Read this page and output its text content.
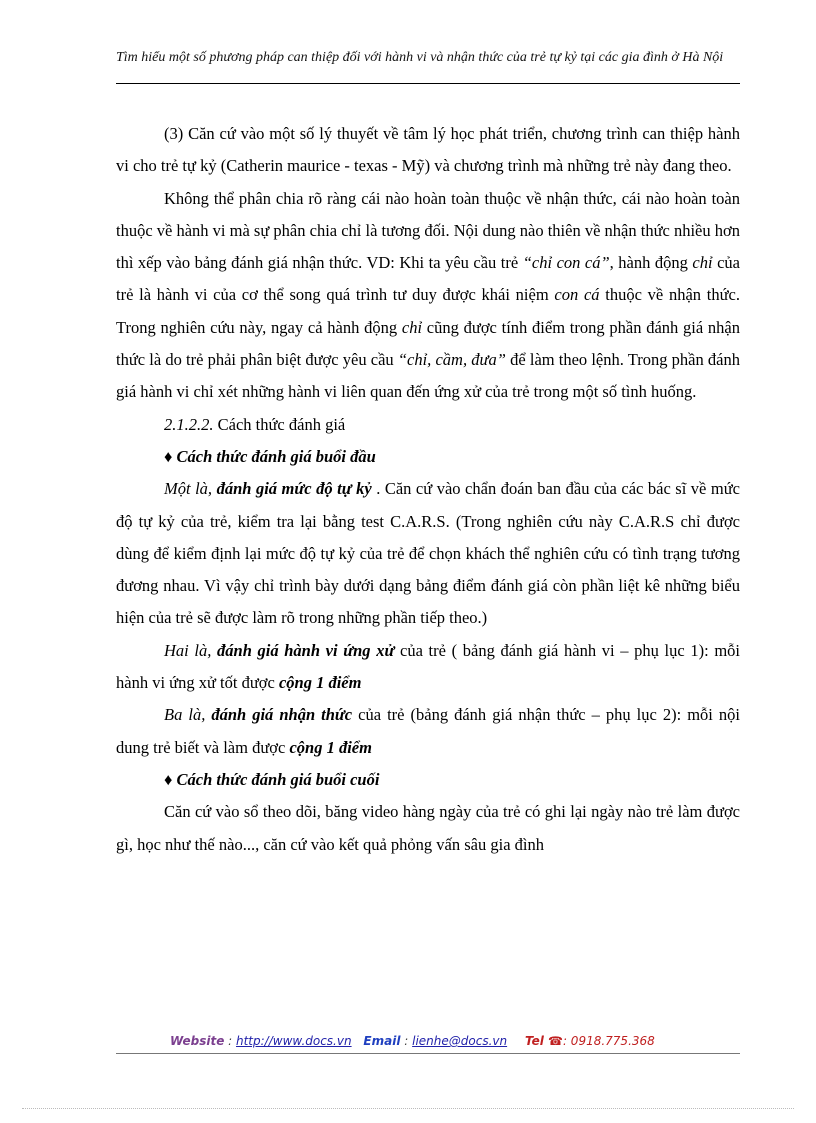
Tìm hiểu một số phương pháp can thiệp đối với hành vi và nhận thức của trẻ tự kỷ tại các gia đình ở Hà Nội

(3) Căn cứ vào một số lý thuyết về tâm lý học phát triển, chương trình can thiệp hành vi cho trẻ tự kỷ (Catherin maurice - texas - Mỹ) và chương trình mà những trẻ này đang theo.

Không thể phân chia rõ ràng cái nào hoàn toàn thuộc về nhận thức, cái nào hoàn toàn thuộc về hành vi mà sự phân chia chỉ là tương đối. Nội dung nào thiên về nhận thức nhiều hơn thì xếp vào bảng đánh giá nhận thức. VD: Khi ta yêu cầu trẻ “chỉ con cá”, hành động chỉ của trẻ là hành vi của cơ thể song quá trình tư duy được khái niệm con cá thuộc về nhận thức. Trong nghiên cứu này, ngay cả hành động chỉ cũng được tính điểm trong phần đánh giá nhận thức là do trẻ phải phân biệt được yêu cầu “chỉ, cầm, đưa” để làm theo lệnh. Trong phần đánh giá hành vi chỉ xét những hành vi liên quan đến ứng xử của trẻ trong một số tình huống.

2.1.2.2. Cách thức đánh giá

♦ Cách thức đánh giá buổi đầu

Một là, đánh giá mức độ tự kỷ . Căn cứ vào chẩn đoán ban đầu của các bác sĩ về mức độ tự kỷ của trẻ, kiểm tra lại bằng test C.A.R.S. (Trong nghiên cứu này C.A.R.S chỉ được dùng để kiểm định lại mức độ tự kỷ của trẻ để chọn khách thể nghiên cứu có tình trạng tương đương nhau. Vì vậy chỉ trình bày dưới dạng bảng điểm đánh giá còn phần liệt kê những biểu hiện của trẻ sẽ được làm rõ trong những phần tiếp theo.)

Hai là, đánh giá hành vi ứng xử của trẻ ( bảng đánh giá hành vi – phụ lục 1): mỗi hành vi ứng xử tốt được cộng 1 điểm

Ba là, đánh giá nhận thức của trẻ (bảng đánh giá nhận thức – phụ lục 2): mỗi nội dung trẻ biết và làm được cộng 1 điểm

♦ Cách thức đánh giá buổi cuối

Căn cứ vào sổ theo dõi, băng video hàng ngày của trẻ có ghi lại ngày nào trẻ làm được gì, học như thế nào..., căn cứ vào kết quả phỏng vấn sâu gia đình

Website : http://www.docs.vn Email : lienhe@docs.vn Tel ☎: 0918.775.368
